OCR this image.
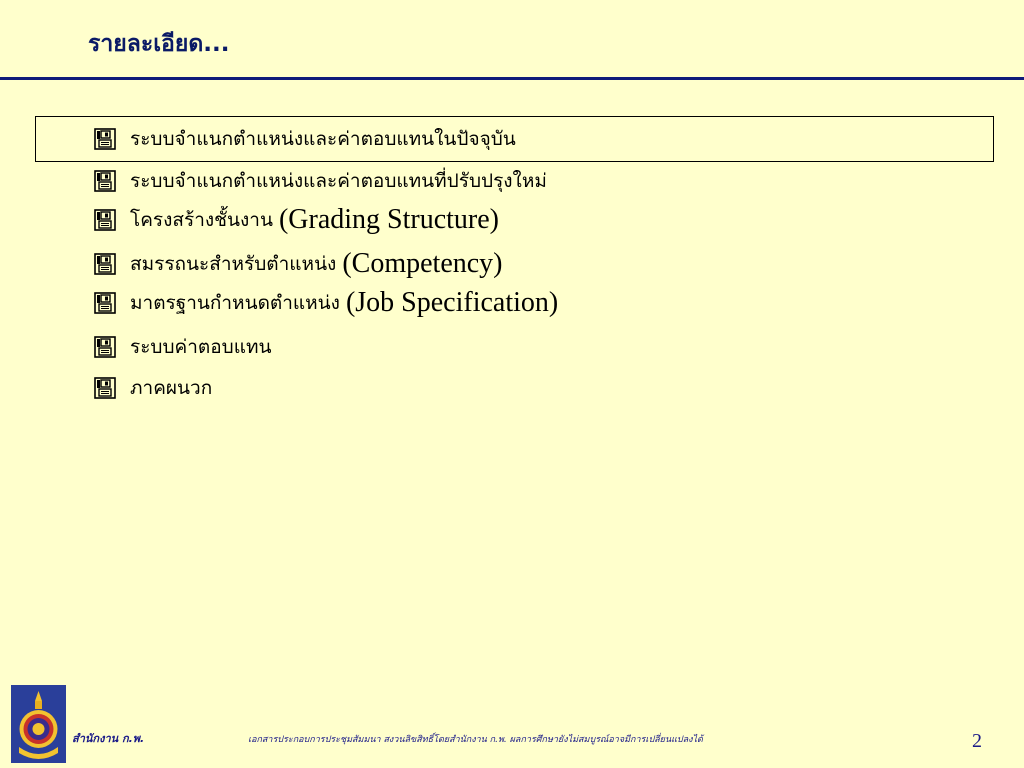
รายละเอียด...
ระบบจำแนกตำแหน่งและค่าตอบแทนในปัจจุบัน
ระบบจำแนกตำแหน่งและค่าตอบแทนที่ปรับปรุงใหม่
โครงสร้างชั้นงาน (Grading Structure)
สมรรถนะสำหรับตำแหน่ง (Competency)
มาตรฐานกำหนดตำแหน่ง (Job Specification)
ระบบค่าตอบแทน
ภาคผนวก
สำนักงาน ก.พ.	เอกสารประกอบการประชุมสัมมนา สงวนลิขสิทธิ์โดยสำนักงาน ก.พ. ผลการศึกษายังไม่สมบูรณ์อาจมีการเปลี่ยนแปลงได้	2
